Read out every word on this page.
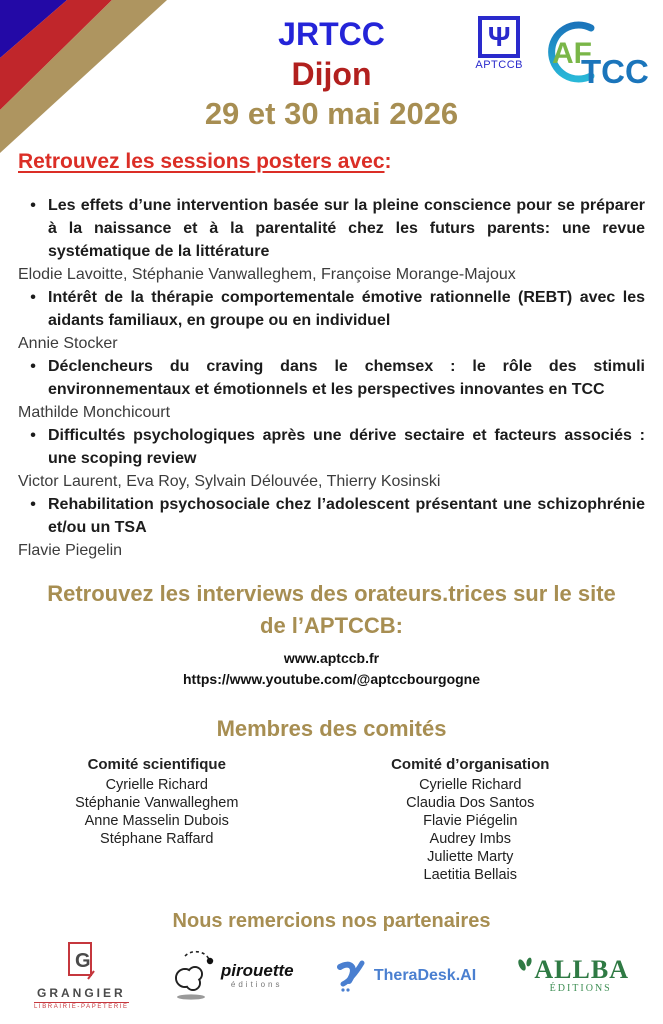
JRTCC
Dijon
29 et 30 mai 2026
Ψ
APTCCB AF
TCC
Retrouvez les sessions posters avec:
• Les effets d’une intervention basée sur la pleine conscience pour se préparer à la naissance et à la parentalité chez les futurs parents: une revue systématique de la littérature

Elodie Lavoitte, Stéphanie Vanwalleghem, Françoise Morange-Majoux
• Intérêt de la thérapie comportementale émotive rationnelle (REBT) avec les aidants familiaux, en groupe ou en individuel

Annie Stocker
• Déclencheurs du craving dans le chemsex : le rôle des stimuli environnementaux et émotionnels et les perspectives innovantes en TCC

Mathilde Monchicourt
• Difficultés psychologiques après une dérive sectaire et facteurs associés : une scoping review

Victor Laurent, Eva Roy, Sylvain Délouvée, Thierry Kosinski
• Rehabilitation psychosociale chez l’adolescent présentant une schizophrénie et/ou un TSA

Flavie Piegelin
Retrouvez les interviews des orateurs.trices sur le site de l’APTCCB:
www.aptccb.fr
https://www.youtube.com/@aptccbourgogne
Membres des comités
Comité scientifique
Cyrielle Richard
Stéphanie Vanwalleghem
Anne Masselin Dubois
Stéphane Raffard
Comité d’organisation
Cyrielle Richard
Claudia Dos Santos
Flavie Piégelin
Audrey Imbs
Juliette Marty
Laetitia Bellais
Nous remercions nos partenaires
G
GRANGIER
LIBRAIRIE-PAPETERIE
pirouette
éditions
TheraDesk.AI ALLBA
ÉDITIONS
